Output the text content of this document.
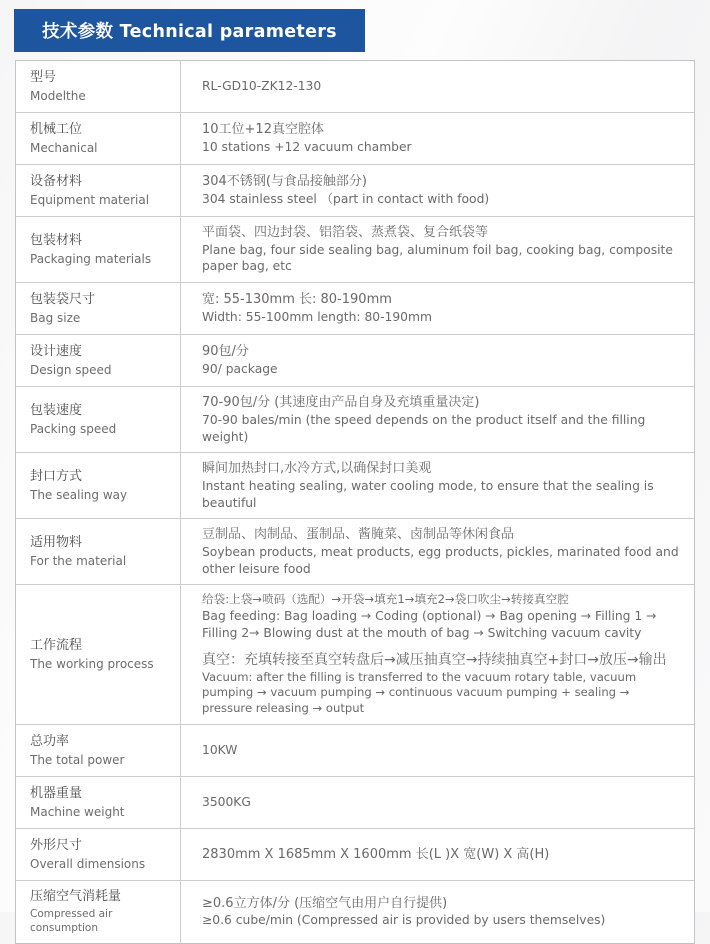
技术参数 Technical parameters
型号
Modelthe
RL-GD10-ZK12-130
机械工位
Mechanical
10工位+12真空腔体
10 stations +12 vacuum chamber
设备材料
Equipment material
304不锈钢(与食品接触部分)
304 stainless steel （part in contact with food)
包装材料
Packaging materials
平面袋、四边封袋、铝箔袋、蒸煮袋、复合纸袋等
Plane bag, four side sealing bag, aluminum foil bag, cooking bag, composite paper bag, etc
包装袋尺寸
Bag size
宽: 55-130mm 长: 80-190mm
Width: 55-100mm length: 80-190mm
设计速度
Design speed
90包/分
90/ package
包装速度
Packing speed
70-90包/分 (其速度由产品自身及充填重量决定)
70-90 bales/min (the speed depends on the product itself and the filling weight)
封口方式
The sealing way
瞬间加热封口,水冷方式,以确保封口美观
Instant heating sealing, water cooling mode, to ensure that the sealing is beautiful
适用物料
For the material
豆制品、肉制品、蛋制品、酱腌菜、卤制品等休闲食品
Soybean products, meat products, egg products, pickles, marinated food and other leisure food
工作流程
The working process
给袋:上袋→喷码（选配）→开袋→填充1→填充2→袋口吹尘→转接真空腔
Bag feeding: Bag loading → Coding (optional) → Bag opening → Filling 1 → Filling 2→ Blowing dust at the mouth of bag → Switching vacuum cavity
真空：充填转接至真空转盘后→减压抽真空→持续抽真空+封口→放压→输出
Vacuum: after the filling is transferred to the vacuum rotary table, vacuum pumping → vacuum pumping → continuous vacuum pumping + sealing → pressure releasing → output
总功率
The total power
10KW
机器重量
Machine weight
3500KG
外形尺寸
Overall dimensions
2830mm X 1685mm X 1600mm 长(L )X 宽(W) X 高(H)
压缩空气消耗量
Compressed air consumption
≥0.6立方体/分 (压缩空气由用户自行提供)
≥0.6 cube/min (Compressed air is provided by users themselves)
